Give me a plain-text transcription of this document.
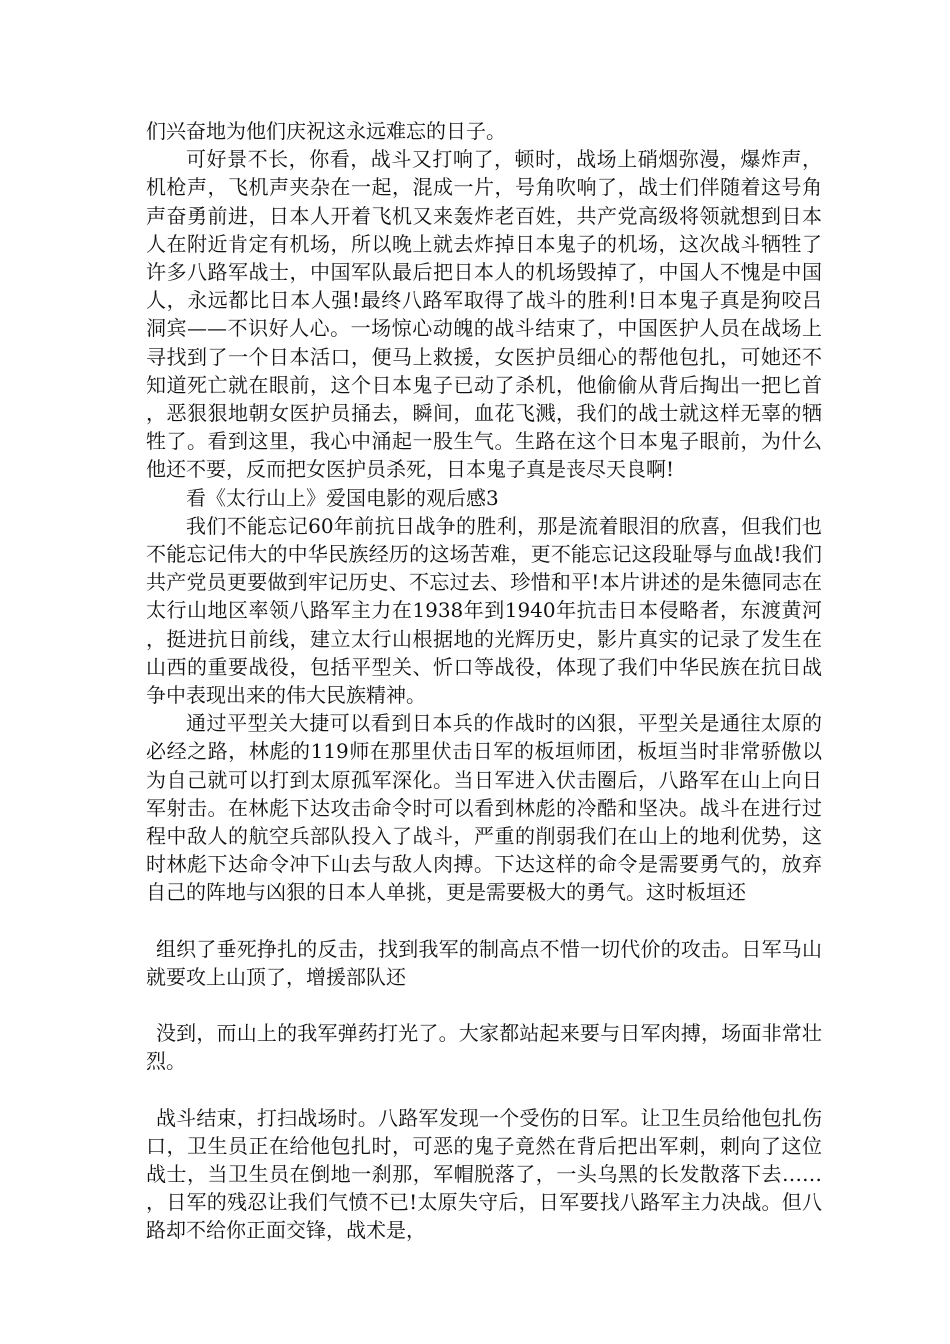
们兴奋地为他们庆祝这永远难忘的日子。

可好景不长，你看，战斗又打响了，顿时，战场上硝烟弥漫，爆炸声，机枪声，飞机声夹杂在一起，混成一片，号角吹响了，战士们伴随着这号角声奋勇前进，日本人开着飞机又来轰炸老百姓，共产党高级将领就想到日本人在附近肯定有机场，所以晚上就去炸掉日本鬼子的机场，这次战斗牺牲了许多八路军战士，中国军队最后把日本人的机场毁掉了，中国人不愧是中国人，永远都比日本人强!最终八路军取得了战斗的胜利!日本鬼子真是狗咬吕洞宾——不识好人心。一场惊心动魄的战斗结束了，中国医护人员在战场上寻找到了一个日本活口，便马上救援，女医护员细心的帮他包扎，可她还不知道死亡就在眼前，这个日本鬼子已动了杀机，他偷偷从背后掏出一把匕首，恶狠狠地朝女医护员捅去，瞬间，血花飞溅，我们的战士就这样无辜的牺牲了。看到这里，我心中涌起一股生气。生路在这个日本鬼子眼前，为什么他还不要，反而把女医护员杀死，日本鬼子真是丧尽天良啊!

看《太行山上》爱国电影的观后感3

我们不能忘记60年前抗日战争的胜利，那是流着眼泪的欣喜，但我们也不能忘记伟大的中华民族经历的这场苦难，更不能忘记这段耻辱与血战!我们共产党员更要做到牢记历史、不忘过去、珍惜和平!本片讲述的是朱德同志在太行山地区率领八路军主力在1938年到1940年抗击日本侵略者，东渡黄河，挺进抗日前线，建立太行山根据地的光辉历史，影片真实的记录了发生在山西的重要战役，包括平型关、忻口等战役，体现了我们中华民族在抗日战争中表现出来的伟大民族精神。

通过平型关大捷可以看到日本兵的作战时的凶狠，平型关是通往太原的必经之路，林彪的119师在那里伏击日军的板垣师团，板垣当时非常骄傲以为自己就可以打到太原孤军深化。当日军进入伏击圈后，八路军在山上向日军射击。在林彪下达攻击命令时可以看到林彪的冷酷和坚决。战斗在进行过程中敌人的航空兵部队投入了战斗，严重的削弱我们在山上的地利优势，这时林彪下达命令冲下山去与敌人肉搏。下达这样的命令是需要勇气的，放弃自己的阵地与凶狠的日本人单挑，更是需要极大的勇气。这时板垣还

组织了垂死挣扎的反击，找到我军的制高点不惜一切代价的攻击。日军马山就要攻上山顶了，增援部队还

没到，而山上的我军弹药打光了。大家都站起来要与日军肉搏，场面非常壮烈。

战斗结束，打扫战场时。八路军发现一个受伤的日军。让卫生员给他包扎伤口，卫生员正在给他包扎时，可恶的鬼子竟然在背后把出军刺，刺向了这位战士，当卫生员在倒地一刹那，军帽脱落了，一头乌黑的长发散落下去……，日军的残忍让我们气愤不已!太原失守后，日军要找八路军主力决战。但八路却不给你正面交锋，战术是，
